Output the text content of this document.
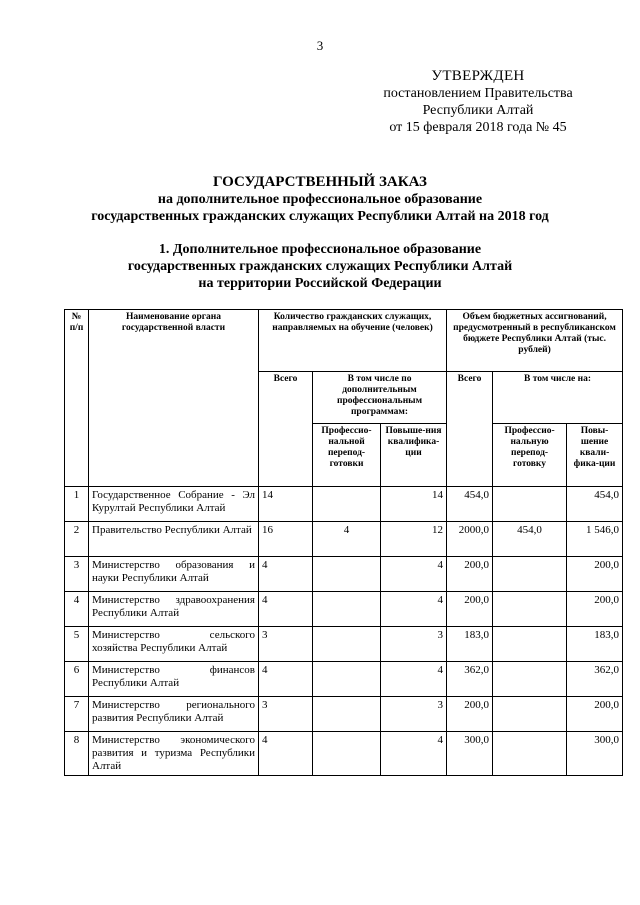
3
УТВЕРЖДЕН
постановлением Правительства
Республики Алтай
от 15 февраля 2018 года № 45
ГОСУДАРСТВЕННЫЙ ЗАКАЗ
на дополнительное профессиональное образование
государственных гражданских служащих Республики Алтай на 2018 год
1. Дополнительное профессиональное образование
государственных гражданских служащих Республики Алтай
на территории Российской Федерации
№ п/п	Наименование органа государственной власти	Количество гражданских служащих, направляемых на обучение (человек)			Объем бюджетных ассигнований, предусмотренный в республиканском бюджете Республики Алтай (тыс. рублей)		
		Всего	В том числе по дополнительным профессиональным программам:		Всего	В том числе на:	
			Профессио-нальной перепод-готовки	Повыше-ния квалифика-ции		Профессио-нальную перепод-готовку	Повы-шение квали-фика-ции
1	Государственное Собрание - Эл Курултай Республики Алтай	14		14	454,0		454,0
2	Правительство Республики Алтай	16	4	12	2000,0	454,0	1 546,0
3	Министерство образования и науки Республики Алтай	4		4	200,0		200,0
4	Министерство здравоохранения Республики Алтай	4		4	200,0		200,0
5	Министерство сельского хозяйства Республики Алтай	3		3	183,0		183,0
6	Министерство финансов Республики Алтай	4		4	362,0		362,0
7	Министерство регионального развития Республики Алтай	3		3	200,0		200,0
8	Министерство экономического развития и туризма Республики Алтай	4		4	300,0		300,0
